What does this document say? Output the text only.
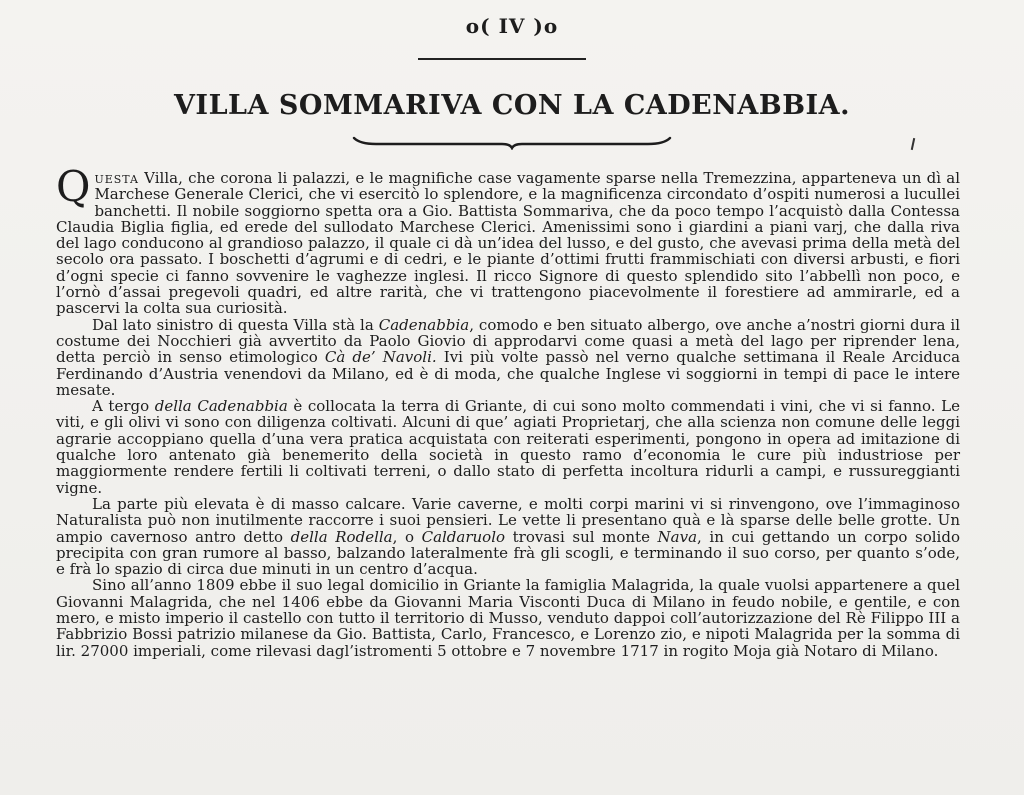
o( IV )o
VILLA SOMMARIVA CON LA CADENABBIA.

Questa Villa, che corona li palazzi, e le magnifiche case vagamente sparse nella Tremezzina, apparteneva un dì al Marchese Generale Clerici, che vi esercitò lo splendore, e la magnificenza circondato d’ospiti numerosi a lucullei banchetti. Il nobile soggiorno spetta ora a Gio. Battista Sommariva, che da poco tempo l’acquistò dalla Contessa Claudia Biglia figlia, ed erede del sullodato Marchese Clerici. Amenissimi sono i giardini a piani varj, che dalla riva del lago conducono al grandioso palazzo, il quale ci dà un’idea del lusso, e del gusto, che avevasi prima della metà del secolo ora passato. I boschetti d’agrumi e di cedri, e le piante d’ottimi frutti frammischiati con diversi arbusti, e fiori d’ogni specie ci fanno sovvenire le vaghezze inglesi. Il ricco Signore di questo splendido sito l’abbellì non poco, e l’ornò d’assai pregevoli quadri, ed altre rarità, che vi trattengono piacevolmente il forestiere ad ammirarle, ed a pascervi la colta sua curiosità.

Dal lato sinistro di questa Villa stà la Cadenabbia, comodo e ben situato albergo, ove anche a’nostri giorni dura il costume dei Nocchieri già avvertito da Paolo Giovio di approdarvi come quasi a metà del lago per riprender lena, detta perciò in senso etimologico Cà de’ Navoli. Ivi più volte passò nel verno qualche settimana il Reale Arciduca Ferdinando d’Austria venendovi da Milano, ed è di moda, che qualche Inglese vi soggiorni in tempi di pace le intere mesate.

A tergo della Cadenabbia è collocata la terra di Griante, di cui sono molto commendati i vini, che vi si fanno. Le viti, e gli olivi vi sono con diligenza coltivati. Alcuni di que’ agiati Proprietarj, che alla scienza non comune delle leggi agrarie accoppiano quella d’una vera pratica acquistata con reiterati esperimenti, pongono in opera ad imitazione di qualche loro antenato già benemerito della società in questo ramo d’economia le cure più industriose per maggiormente rendere fertili li coltivati terreni, o dallo stato di perfetta incoltura ridurli a campi, e russureggianti vigne.

La parte più elevata è di masso calcare. Varie caverne, e molti corpi marini vi si rinvengono, ove l’immaginoso Naturalista può non inutilmente raccorre i suoi pensieri. Le vette li presentano quà e là sparse delle belle grotte. Un ampio cavernoso antro detto della Rodella, o Caldaruolo trovasi sul monte Nava, in cui gettando un corpo solido precipita con gran rumore al basso, balzando lateralmente frà gli scogli, e terminando il suo corso, per quanto s’ode, e frà lo spazio di circa due minuti in un centro d’acqua.

Sino all’anno 1809 ebbe il suo legal domicilio in Griante la famiglia Malagrida, la quale vuolsi appartenere a quel Giovanni Malagrida, che nel 1406 ebbe da Giovanni Maria Visconti Duca di Milano in feudo nobile, e gentile, e con mero, e misto imperio il castello con tutto il territorio di Musso, venduto dappoi coll’autorizzazione del Rè Filippo III a Fabbrizio Bossi patrizio milanese da Gio. Battista, Carlo, Francesco, e Lorenzo zio, e nipoti Malagrida per la somma di lir. 27000 imperiali, come rilevasi dagl’istromenti 5 ottobre e 7 novembre 1717 in rogito Moja già Notaro di Milano.
